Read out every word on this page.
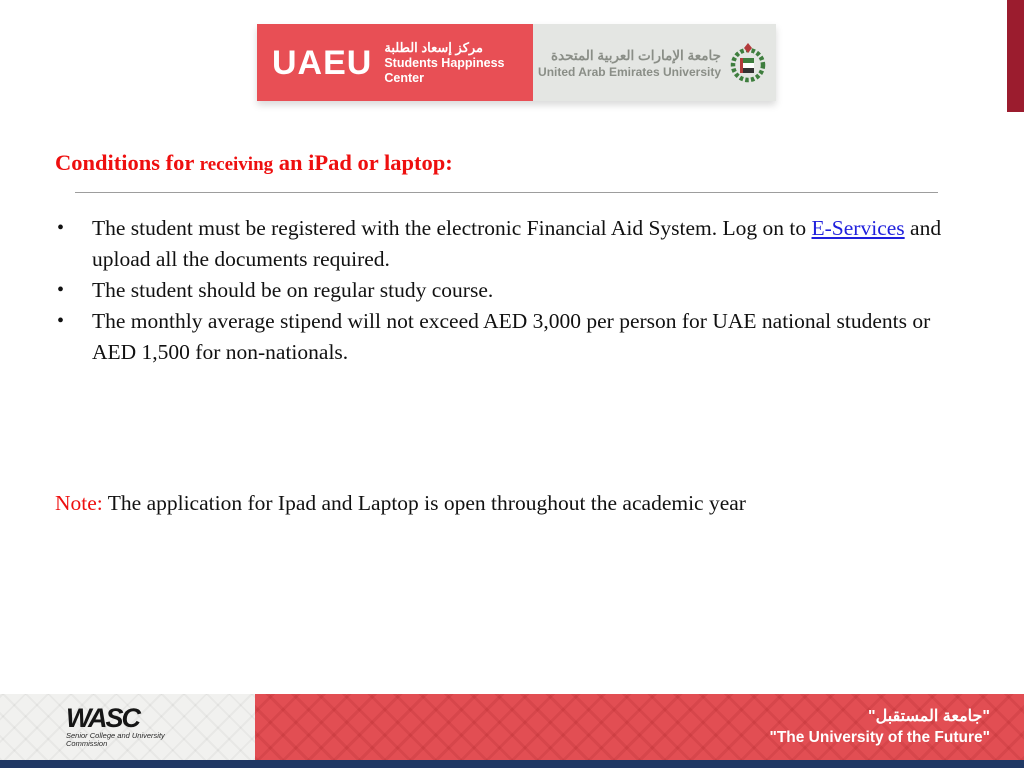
UAEU مركز إسعاد الطلبة
Students Happiness Center
جامعة الإمارات العربية المتحدة
United Arab Emirates University
Conditions for receiving an iPad or laptop:
•	The student must be registered with the electronic Financial Aid System. Log on to E-Services and upload all the documents required.

•	The student should be on regular study course.

•	The monthly average stipend will not exceed AED 3,000 per person for UAE national students or AED 1,500 for non-nationals.

Note: The application for Ipad and Laptop is open throughout the academic year

WASC
Senior College and University Commission
"جامعة المستقبل"
"The University of the Future"
